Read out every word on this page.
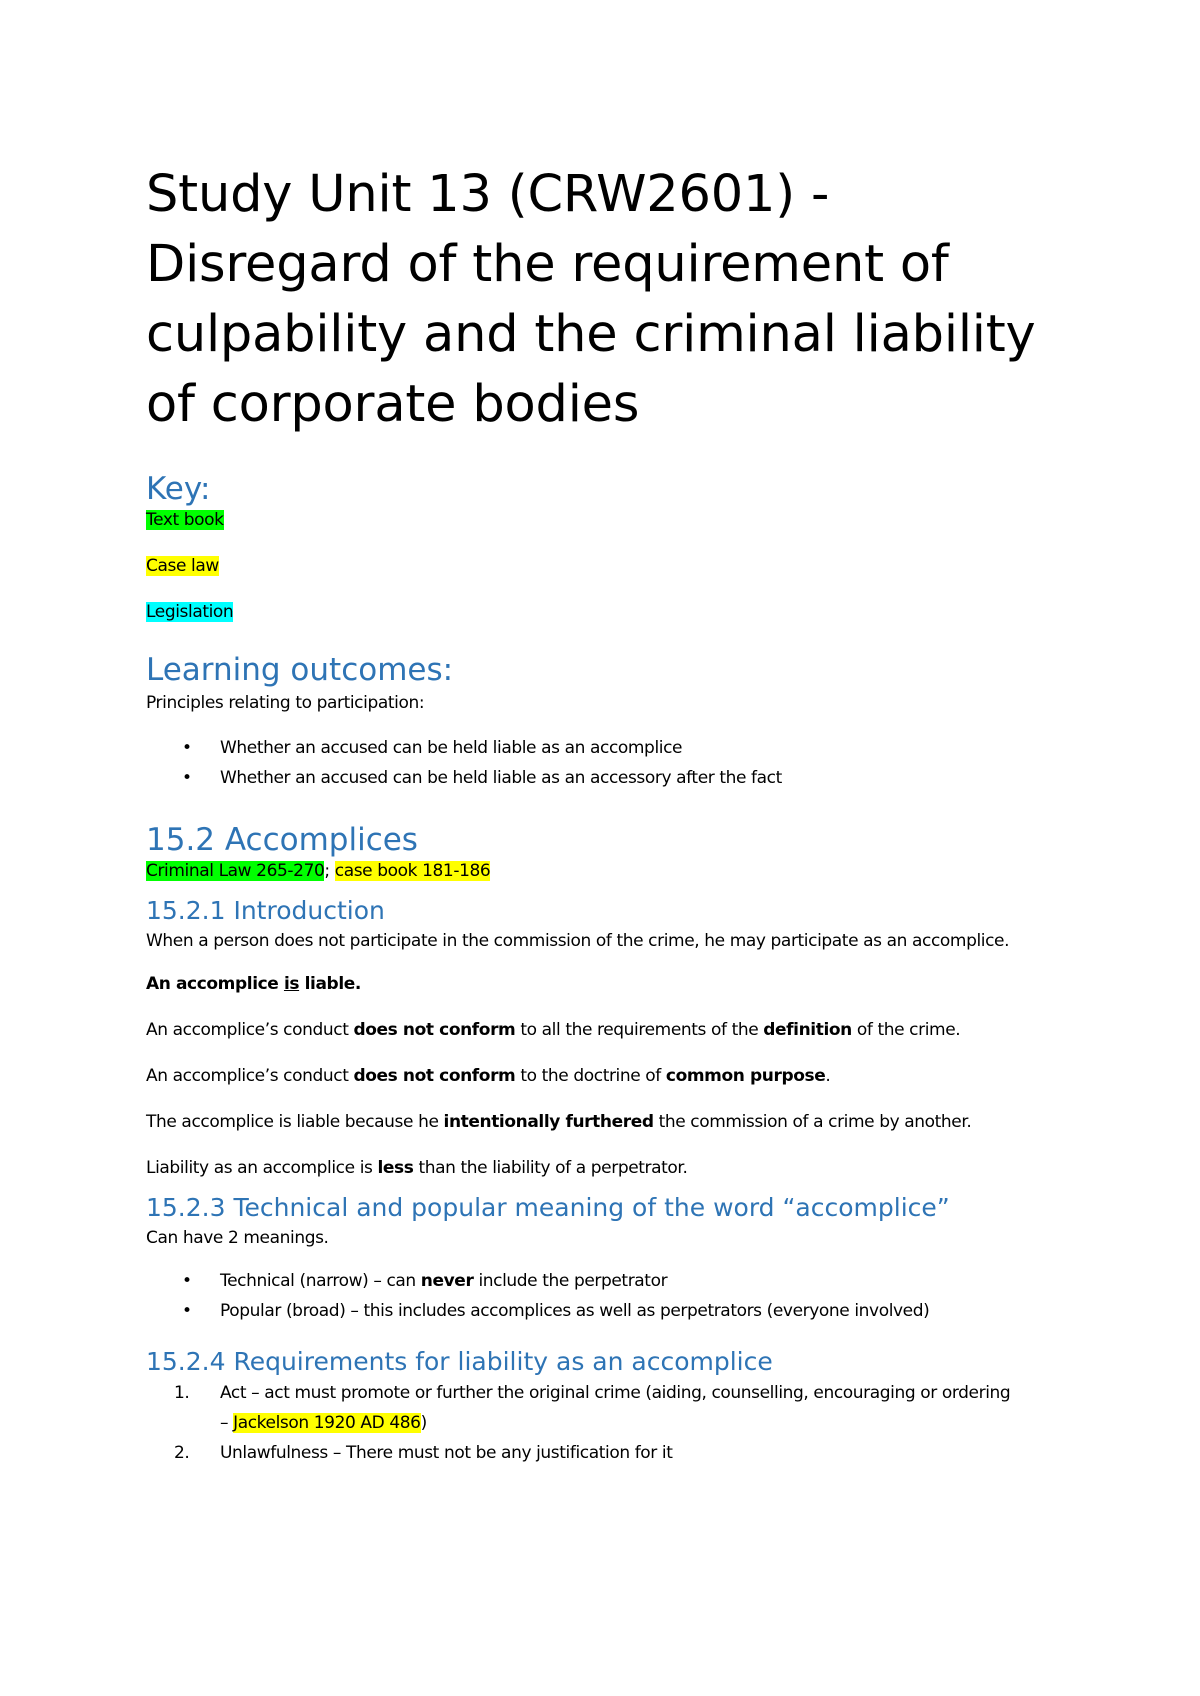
Study Unit 13 (CRW2601) - Disregard of the requirement of culpability and the criminal liability of corporate bodies
Key:

Text book

Case law

Legislation

Learning outcomes:

Principles relating to participation:

• Whether an accused can be held liable as an accomplice
• Whether an accused can be held liable as an accessory after the fact
15.2 Accomplices

Criminal Law 265-270; case book 181-186

15.2.1 Introduction

When a person does not participate in the commission of the crime, he may participate as an accomplice.

An accomplice is liable.

An accomplice’s conduct does not conform to all the requirements of the definition of the crime.

An accomplice’s conduct does not conform to the doctrine of common purpose.

The accomplice is liable because he intentionally furthered the commission of a crime by another.

Liability as an accomplice is less than the liability of a perpetrator.

15.2.3 Technical and popular meaning of the word “accomplice”

Can have 2 meanings.

• Technical (narrow) – can never include the perpetrator
• Popular (broad) – this includes accomplices as well as perpetrators (everyone involved)
15.2.4 Requirements for liability as an accomplice
1. Act – act must promote or further the original crime (aiding, counselling, encouraging or ordering – Jackelson 1920 AD 486)
2. Unlawfulness – There must not be any justification for it
